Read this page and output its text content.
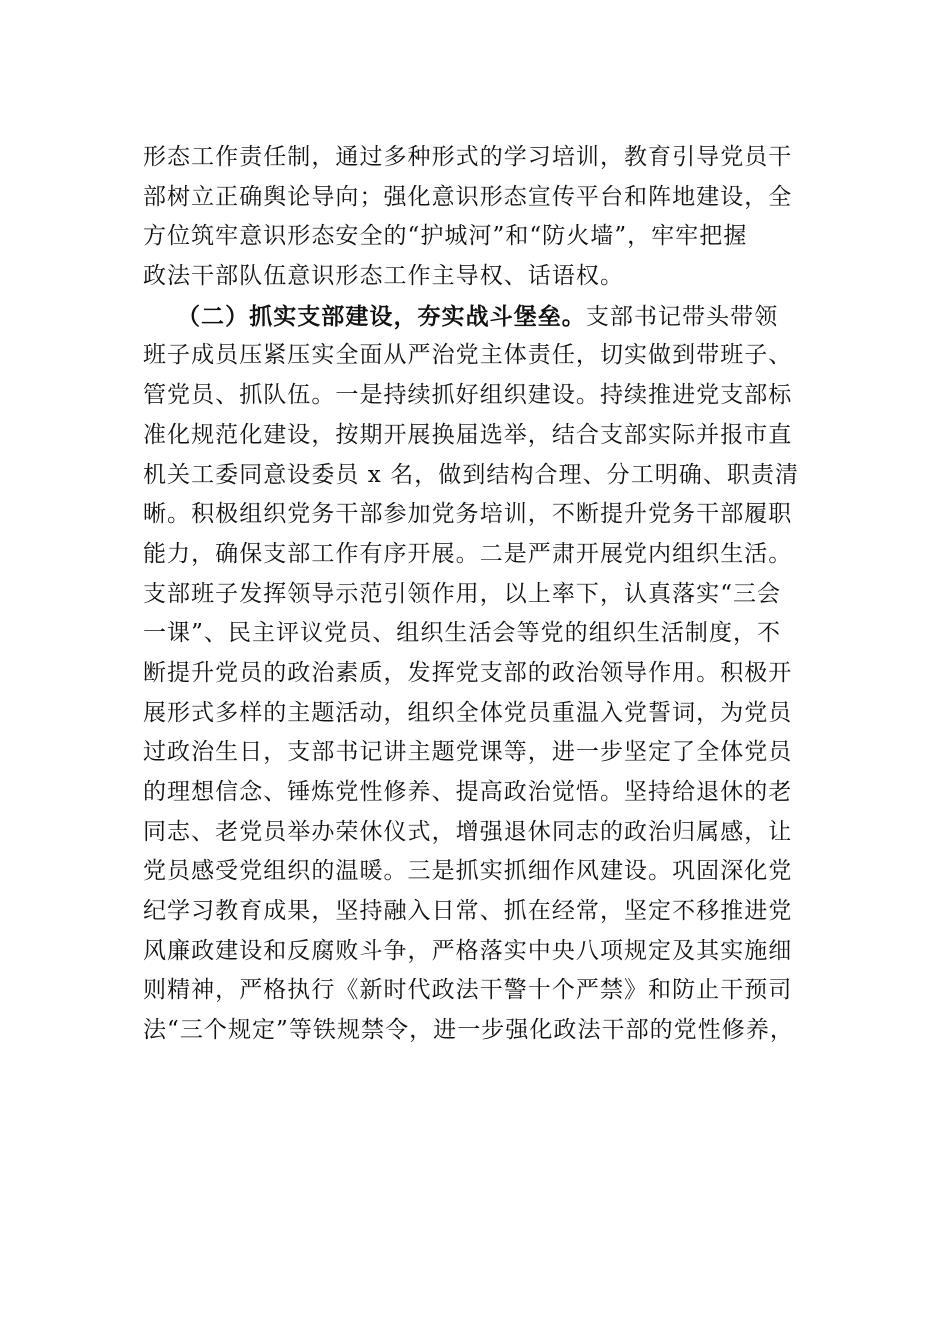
形态工作责任制，通过多种形式的学习培训，教育引导党员干
部树立正确舆论导向；强化意识形态宣传平台和阵地建设，全
方位筑牢意识形态安全的“护城河”和“防火墙”，牢牢把握
政法干部队伍意识形态工作主导权、话语权。
（二）抓实支部建设，夯实战斗堡垒。支部书记带头带领
班子成员压紧压实全面从严治党主体责任，切实做到带班子、
管党员、抓队伍。一是持续抓好组织建设。持续推进党支部标
准化规范化建设，按期开展换届选举，结合支部实际并报市直
机关工委同意设委员 x 名，做到结构合理、分工明确、职责清
晰。积极组织党务干部参加党务培训，不断提升党务干部履职
能力，确保支部工作有序开展。二是严肃开展党内组织生活。
支部班子发挥领导示范引领作用，以上率下，认真落实“三会
一课”、民主评议党员、组织生活会等党的组织生活制度，不
断提升党员的政治素质，发挥党支部的政治领导作用。积极开
展形式多样的主题活动，组织全体党员重温入党誓词，为党员
过政治生日，支部书记讲主题党课等，进一步坚定了全体党员
的理想信念、锤炼党性修养、提高政治觉悟。坚持给退休的老
同志、老党员举办荣休仪式，增强退休同志的政治归属感，让
党员感受党组织的温暖。三是抓实抓细作风建设。巩固深化党
纪学习教育成果，坚持融入日常、抓在经常，坚定不移推进党
风廉政建设和反腐败斗争，严格落实中央八项规定及其实施细
则精神，严格执行《新时代政法干警十个严禁》和防止干预司
法“三个规定”等铁规禁令，进一步强化政法干部的党性修养，
